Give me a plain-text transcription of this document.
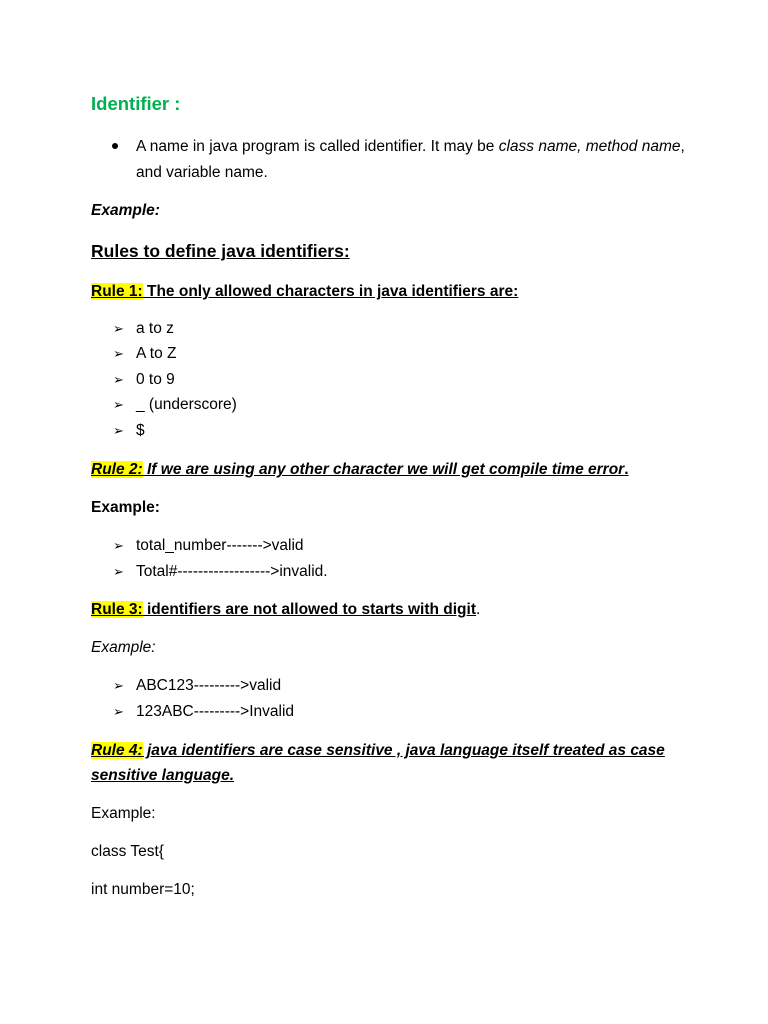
Identifier :
A name in java program is called identifier. It may be class name, method name, and variable name.
Example:
Rules to define java identifiers:
Rule 1: The only allowed characters in java identifiers are:
➢ a to z
➢ A to Z
➢ 0 to 9
➢ _ (underscore)
➢ $
Rule 2: If we are using any other character we will get compile time error.
Example:
➢ total_number------->valid
➢ Total#------------------>invalid.
Rule 3: identifiers are not allowed to starts with digit.
Example:
➢ ABC123--------->valid
➢ 123ABC--------->Invalid
Rule 4: java identifiers are case sensitive , java language itself treated as case sensitive language.
Example:
class Test{
int number=10;
